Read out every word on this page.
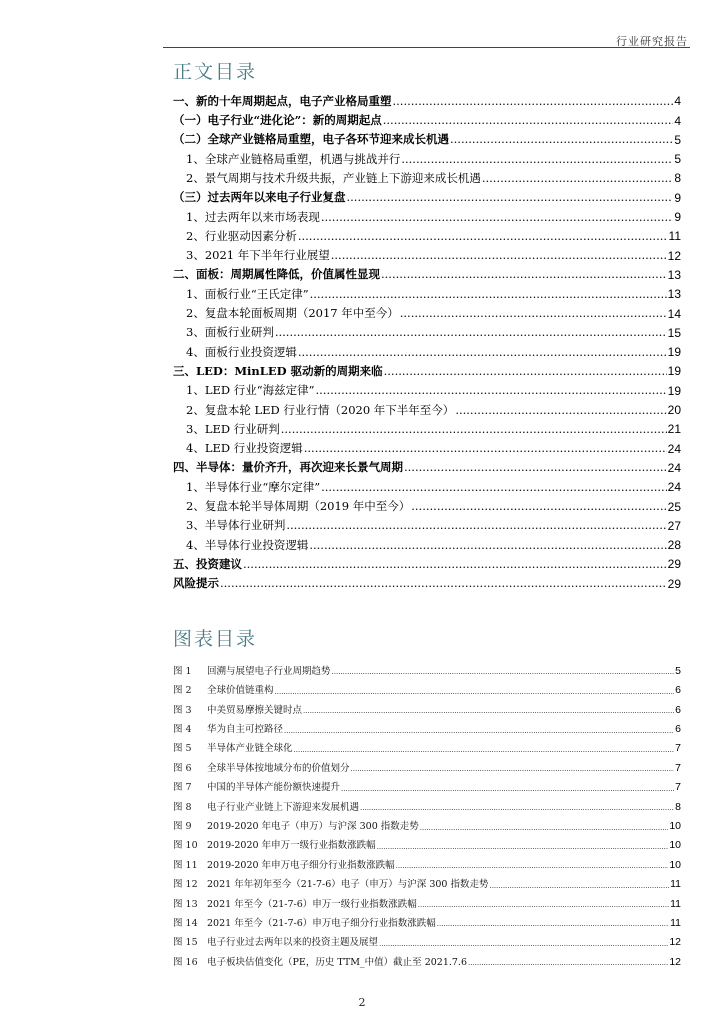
行业研究报告
正文目录
一、新的十年周期起点，电子产业格局重塑 .....	4
（一）电子行业“进化论”：新的周期起点 .....	4
（二）全球产业链格局重塑，电子各环节迎来成长机遇 .....	5
1、全球产业链格局重塑，机遇与挑战并行 .....	5
2、景气周期与技术升级共振，产业链上下游迎来成长机遇 .....	8
（三）过去两年以来电子行业复盘 .....	9
1、过去两年以来市场表现 .....	9
2、行业驱动因素分析 .....	11
3、2021 年下半年行业展望 .....	12
二、面板：周期属性降低，价值属性显现 .....	13
1、面板行业“王氏定律” .....	13
2、复盘本轮面板周期（2017 年中至今） .....	14
3、面板行业研判 .....	15
4、面板行业投资逻辑 .....	19
三、LED：MinLED 驱动新的周期来临 .....	19
1、LED 行业“海兹定律” .....	19
2、复盘本轮 LED 行业行情（2020 年下半年至今） .....	20
3、LED 行业研判 .....	21
4、LED 行业投资逻辑 .....	24
四、半导体：量价齐升，再次迎来长景气周期 .....	24
1、半导体行业“摩尔定律” .....	24
2、复盘本轮半导体周期（2019 年中至今） .....	25
3、半导体行业研判 .....	27
4、半导体行业投资逻辑 .....	28
五、投资建议 .....	29
风险提示 .....	29
图表目录
图 1	回溯与展望电子行业周期趋势 .....	5
图 2	全球价值链重构 .....	6
图 3	中美贸易摩擦关键时点 .....	6
图 4	华为自主可控路径 .....	6
图 5	半导体产业链全球化 .....	7
图 6	全球半导体按地域分布的价值划分 .....	7
图 7	中国的半导体产能份额快速提升 .....	7
图 8	电子行业产业链上下游迎来发展机遇 .....	8
图 9	2019-2020 年电子（申万）与沪深 300 指数走势 .....	10
图 10 2019-2020 年申万一级行业指数涨跌幅 .....	10
图 11 2019-2020 年申万电子细分行业指数涨跌幅 .....	10
图 12 2021 年年初年至今（21-7-6）电子（申万）与沪深 300 指数走势 .....	11
图 13 2021 年至今（21-7-6）申万一级行业指数涨跌幅 .....	11
图 14 2021 年至今（21-7-6）申万电子细分行业指数涨跌幅 .....	11
图 15 电子行业过去两年以来的投资主题及展望 .....	12
图 16 电子板块估值变化（PE，历史 TTM_中值）截止至 2021.7.6 .....	12
2
